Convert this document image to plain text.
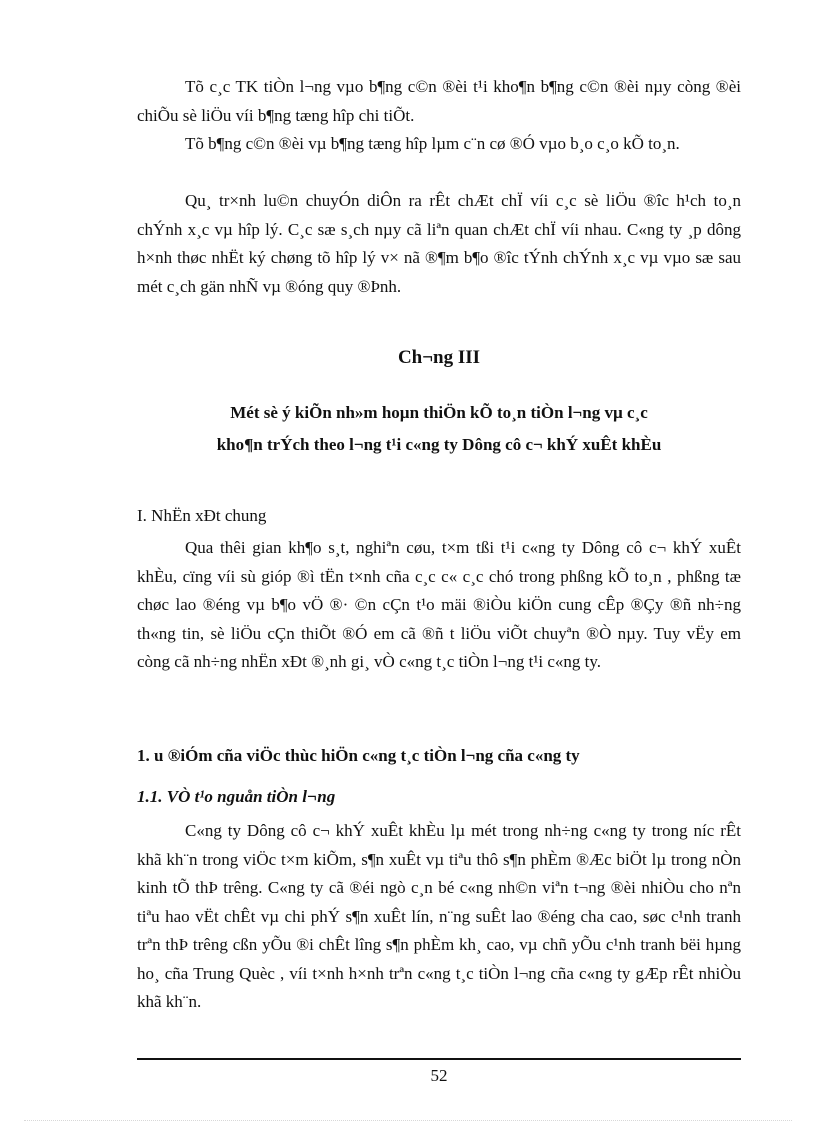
Tõ c¸c TK tiÒn l¬ng vµo b¶ng c©n ®èi t¹i kho¶n b¶ng c©n ®èi nµy còng ®èi chiÕu sè liÖu víi b¶ng tæng hîp chi tiÕt.

Tõ b¶ng c©n ®èi vµ b¶ng tæng hîp lµm c¨n cø ®Ó vµo b¸o c¸o kÕ to¸n.

Qu¸ tr×nh lu©n chuyÓn diÔn ra rÊt chÆt chÏ víi c¸c sè liÖu ®îc h¹ch to¸n chÝnh x¸c vµ hîp lý. C¸c sæ s¸ch nµy cã liªn quan chÆt chÏ víi nhau. C«ng ty ¸p dông h×nh thøc nhËt ký chøng tõ hîp lý v× nã ®¶m b¶o ®îc tÝnh chÝnh x¸c vµ vµo sæ sau mét c¸ch gän nhÑ vµ ®óng quy ®Þnh.

Ch¬ng III

Mét sè ý kiÕn nh»m hoµn thiÖn kÕ to¸n tiÒn l¬ng vµ c¸c
kho¶n trÝch theo l¬ng t¹i c«ng ty Dông cô c¬ khÝ xuÊt khÈu

I. NhËn xÐt chung

Qua thêi gian kh¶o s¸t, nghiªn cøu, t×m tßi t¹i c«ng ty Dông cô c¬ khÝ xuÊt khÈu, cïng víi sù gióp ®ì tËn t×nh cña c¸c c« c¸c chó trong phßng kÕ to¸n , phßng tæ chøc lao ®éng vµ b¶o vÖ ®· ©n cÇn t¹o mäi ®iÒu kiÖn cung cÊp ®Çy ®ñ nh÷ng th«ng tin, sè liÖu cÇn thiÕt ®Ó em cã ®ñ t liÖu viÕt chuyªn ®Ò nµy. Tuy vËy em còng cã nh÷ng nhËn xÐt ®¸nh gi¸ vÒ c«ng t¸c tiÒn l¬ng t¹i c«ng ty.

1. u ®iÓm cña viÖc thùc hiÖn c«ng t¸c tiÒn l¬ng cña c«ng ty

1.1. VÒ t¹o nguån tiÒn l¬ng

C«ng ty Dông cô c¬ khÝ xuÊt khÈu lµ mét trong nh÷ng c«ng ty trong níc rÊt khã kh¨n trong viÖc t×m kiÕm, s¶n xuÊt vµ tiªu thô s¶n phÈm ®Æc biÖt lµ trong nÒn kinh tÕ thÞ trêng. C«ng ty cã ®éi ngò c¸n bé c«ng nh©n viªn t¬ng ®èi nhiÒu cho nªn tiªu hao vËt chÊt vµ chi phÝ s¶n xuÊt lín, n¨ng suÊt lao ®éng cha cao, søc c¹nh tranh trªn thÞ trêng cßn yÕu ®i chÊt lîng s¶n phÈm kh¸ cao, vµ chñ yÕu c¹nh tranh bëi hµng ho¸ cña Trung Quèc , víi t×nh h×nh trªn c«ng t¸c tiÒn l¬ng cña c«ng ty gÆp rÊt nhiÒu khã kh¨n.

52
